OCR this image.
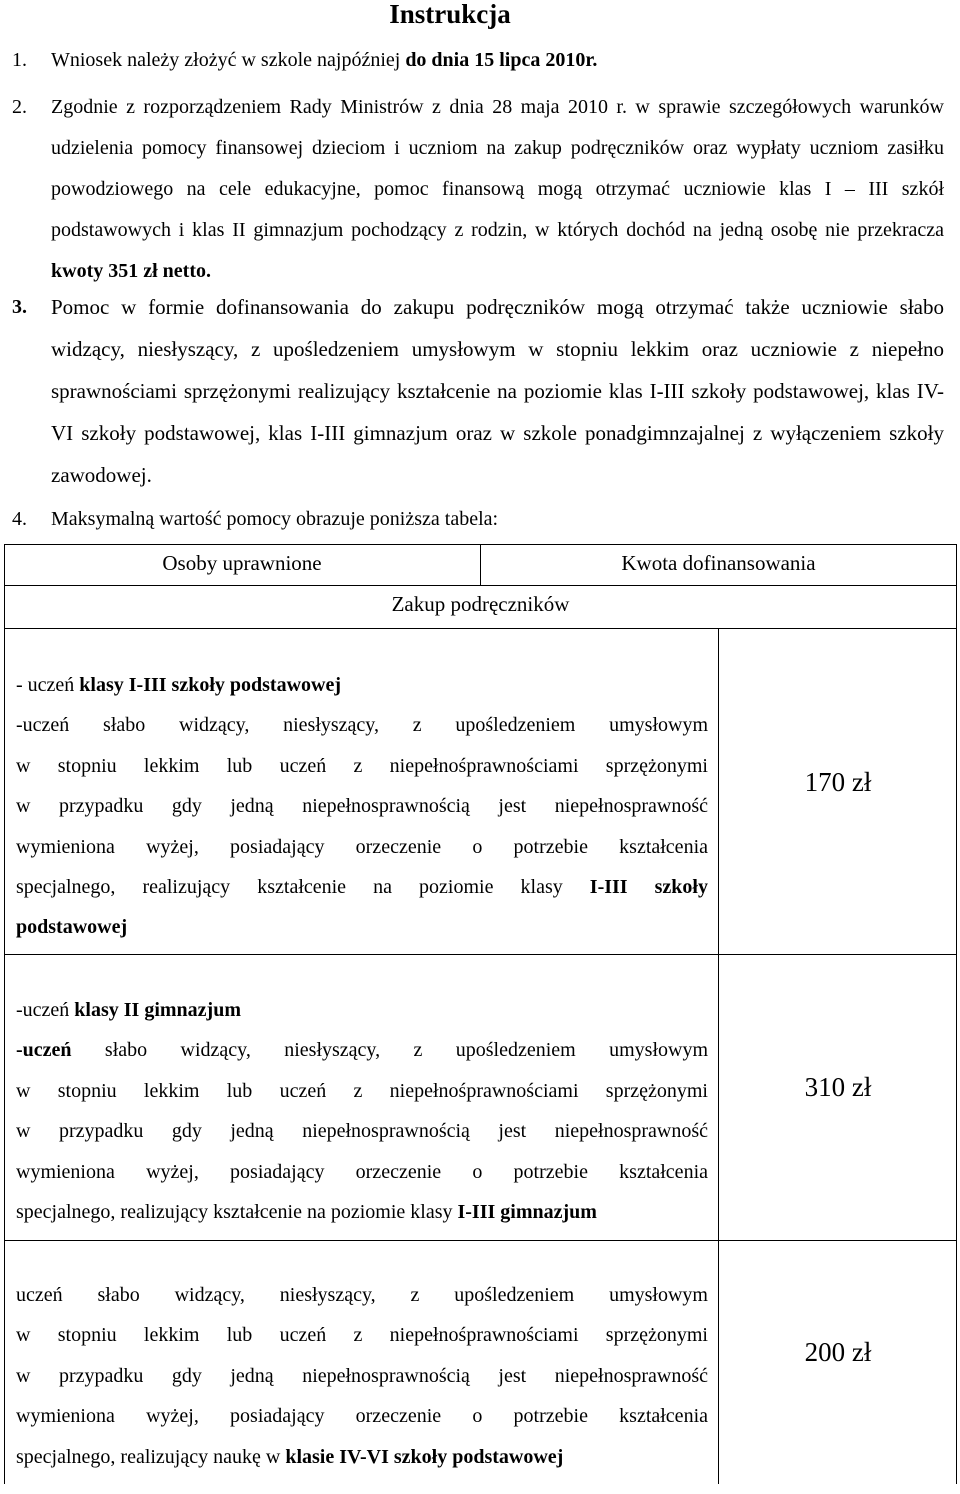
Instrukcja
1. Wniosek należy złożyć w szkole najpóźniej do dnia 15 lipca 2010r.
2. Zgodnie z rozporządzeniem Rady Ministrów z dnia 28 maja 2010 r. w sprawie szczegółowych warunków udzielenia pomocy finansowej dzieciom i uczniom na zakup podręczników oraz wypłaty uczniom zasiłku powodziowego na cele edukacyjne, pomoc finansową mogą otrzymać uczniowie klas I – III szkół podstawowych i klas II gimnazjum pochodzący z rodzin, w których dochód na jedną osobę nie przekracza kwoty 351 zł netto.
3. Pomoc w formie dofinansowania do zakupu podręczników mogą otrzymać także uczniowie słabo widzący, niesłyszący, z upośledzeniem umysłowym w stopniu lekkim oraz uczniowie z niepełno sprawnościami sprzężonymi realizujący kształcenie na poziomie klas I-III szkoły podstawowej, klas IV-VI szkoły podstawowej, klas I-III gimnazjum oraz w szkole ponadgimnzajalnej z wyłączeniem szkoły zawodowej.
4. Maksymalną wartość pomocy obrazuje poniższa tabela:
Osoby uprawnione	Kwota dofinansowania
Zakup podręczników
- uczeń klasy I-III szkoły podstawowej
-uczeń słabo widzący, niesłyszący, z upośledzeniem umysłowym
w stopniu lekkim lub uczeń z niepełnośprawnościami sprzężonymi
w przypadku gdy jedną niepełnosprawnością jest niepełnosprawność
wymieniona wyżej, posiadający orzeczenie o potrzebie kształcenia
specjalnego, realizujący kształcenie na poziomie klasy I-III szkoły
podstawowej
170 zł
-uczeń klasy II gimnazjum
-uczeń słabo widzący, niesłyszący, z upośledzeniem umysłowym
w stopniu lekkim lub uczeń z niepełnośprawnościami sprzężonymi
w przypadku gdy jedną niepełnosprawnością jest niepełnosprawność
wymieniona wyżej, posiadający orzeczenie o potrzebie kształcenia
specjalnego, realizujący kształcenie na poziomie klasy I-III gimnazjum
310 zł
uczeń słabo widzący, niesłyszący, z upośledzeniem umysłowym
w stopniu lekkim lub uczeń z niepełnośprawnościami sprzężonymi
w przypadku gdy jedną niepełnosprawnością jest niepełnosprawność
wymieniona wyżej, posiadający orzeczenie o potrzebie kształcenia
specjalnego, realizujący naukę w klasie IV-VI szkoły podstawowej
200 zł
